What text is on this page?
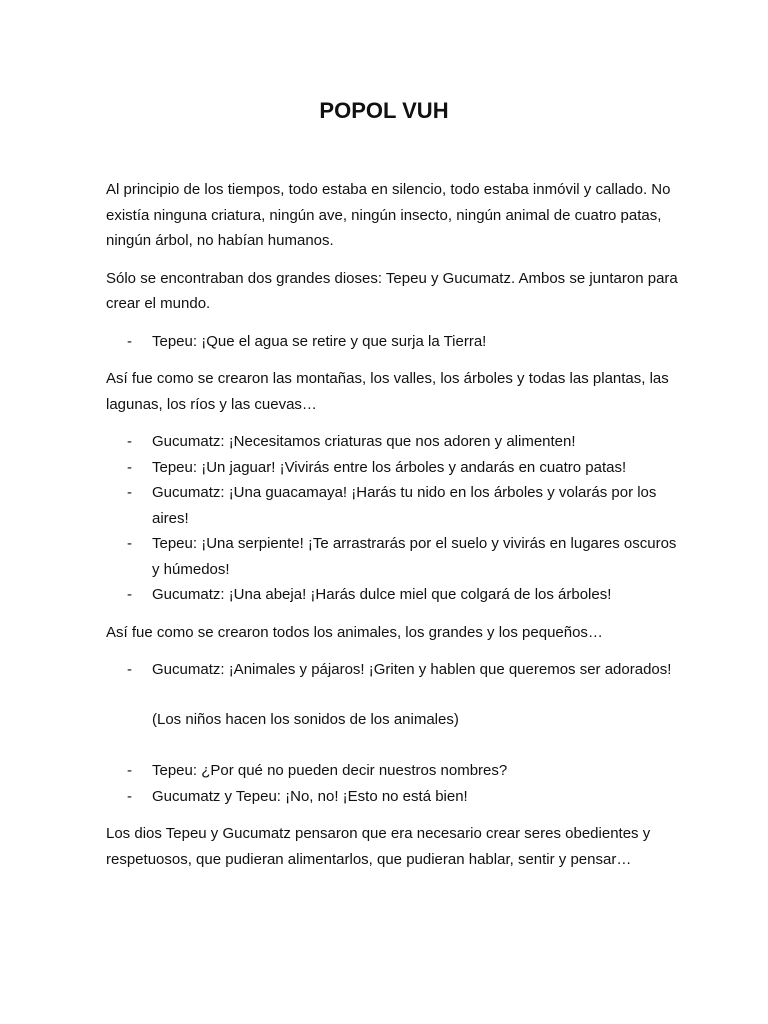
POPOL VUH

Al principio de los tiempos, todo estaba en silencio, todo estaba inmóvil y callado. No existía ninguna criatura, ningún ave, ningún insecto, ningún animal de cuatro patas, ningún árbol, no habían humanos.

Sólo se encontraban dos grandes dioses: Tepeu y Gucumatz. Ambos se juntaron para crear el mundo.

- Tepeu: ¡Que el agua se retire y que surja la Tierra!

Así fue como se crearon las montañas, los valles, los árboles y todas las plantas, las lagunas, los ríos y las cuevas…

- Gucumatz: ¡Necesitamos criaturas que nos adoren y alimenten!
- Tepeu: ¡Un jaguar! ¡Vivirás entre los árboles y andarás en cuatro patas!
- Gucumatz: ¡Una guacamaya! ¡Harás tu nido en los árboles y volarás por los aires!
- Tepeu: ¡Una serpiente! ¡Te arrastrarás por el suelo y vivirás en lugares oscuros y húmedos!
- Gucumatz: ¡Una abeja! ¡Harás dulce miel que colgará de los árboles!

Así fue como se crearon todos los animales, los grandes y los pequeños…

- Gucumatz: ¡Animales y pájaros! ¡Griten y hablen que queremos ser adorados!
(Los niños hacen los sonidos de los animales)
- Tepeu: ¿Por qué no pueden decir nuestros nombres?
- Gucumatz y Tepeu: ¡No, no! ¡Esto no está bien!

Los dios Tepeu y Gucumatz pensaron que era necesario crear seres obedientes y respetuosos, que pudieran alimentarlos, que pudieran hablar, sentir y pensar…
